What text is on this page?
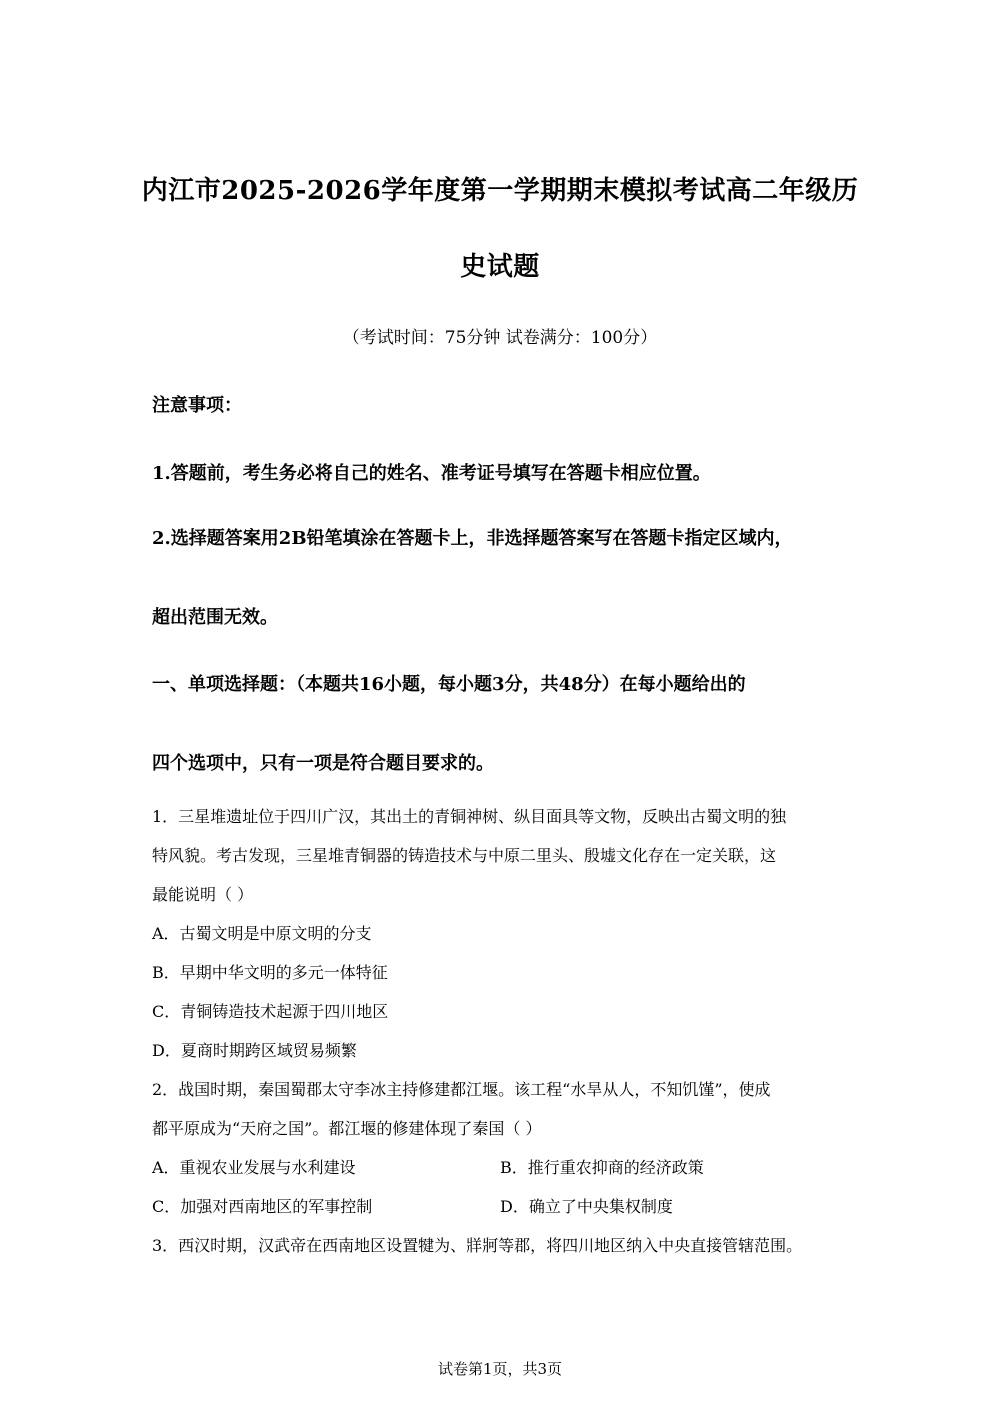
内江市2025-2026学年度第一学期期末模拟考试高二年级历
史试题
（考试时间：75分钟 试卷满分：100分）
注意事项：
1.答题前，考生务必将自己的姓名、准考证号填写在答题卡相应位置。
2.选择题答案用2B铅笔填涂在答题卡上，非选择题答案写在答题卡指定区域内，
超出范围无效。
一、单项选择题：（本题共16小题，每小题3分，共48分）在每小题给出的
四个选项中，只有一项是符合题目要求的。
1．三星堆遗址位于四川广汉，其出土的青铜神树、纵目面具等文物，反映出古蜀文明的独
特风貌。考古发现，三星堆青铜器的铸造技术与中原二里头、殷墟文化存在一定关联，这
最能说明（ ）
A．古蜀文明是中原文明的分支
B．早期中华文明的多元一体特征
C．青铜铸造技术起源于四川地区
D．夏商时期跨区域贸易频繁
2．战国时期，秦国蜀郡太守李冰主持修建都江堰。该工程“水旱从人，不知饥馑”，使成
都平原成为“天府之国”。都江堰的修建体现了秦国（ ）
A．重视农业发展与水利建设	B．推行重农抑商的经济政策
C．加强对西南地区的军事控制	D．确立了中央集权制度
3．西汉时期，汉武帝在西南地区设置犍为、牂牁等郡，将四川地区纳入中央直接管辖范围。
试卷第1页，共3页
